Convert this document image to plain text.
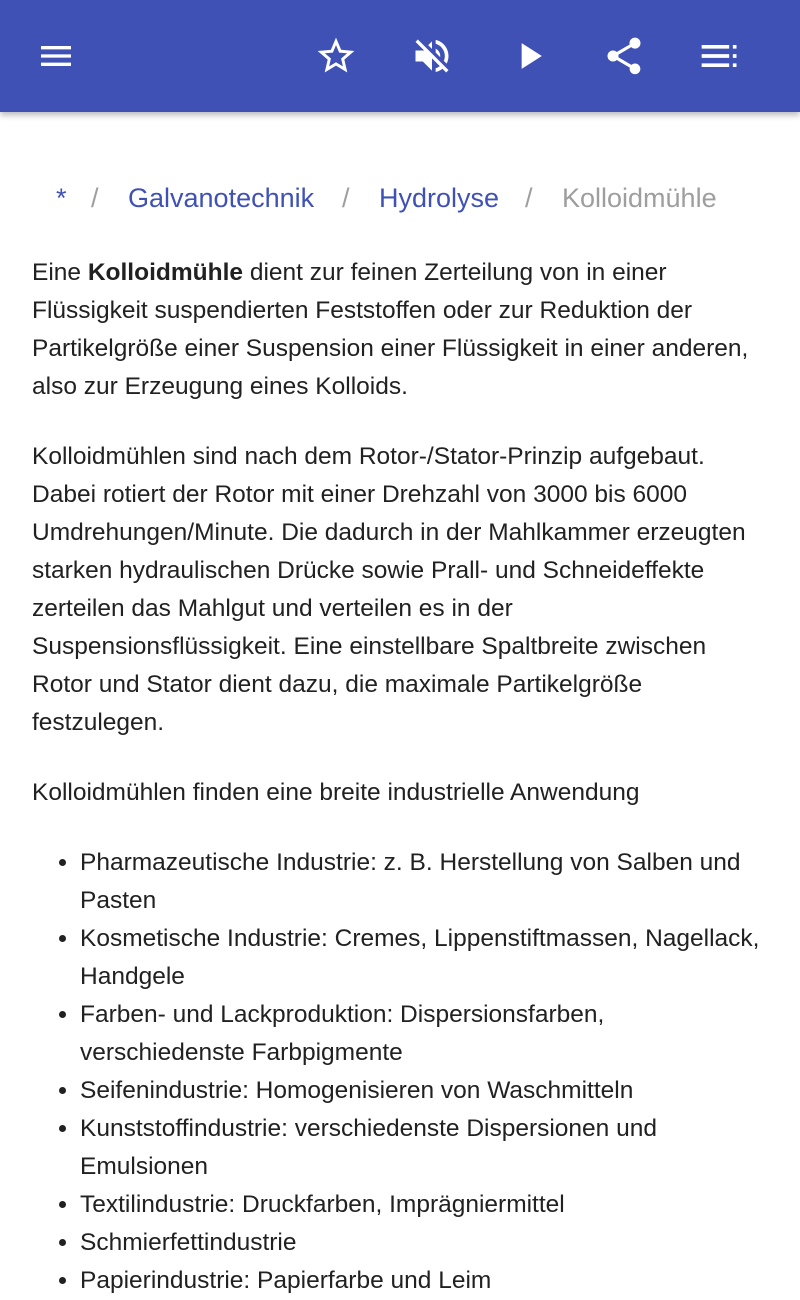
* / Galvanotechnik / Hydrolyse / Kolloidmühle

Eine Kolloidmühle dient zur feinen Zerteilung von in einer Flüssigkeit suspendierten Feststoffen oder zur Reduktion der Partikelgröße einer Suspension einer Flüssigkeit in einer anderen, also zur Erzeugung eines Kolloids.

Kolloidmühlen sind nach dem Rotor-/Stator-Prinzip aufgebaut. Dabei rotiert der Rotor mit einer Drehzahl von 3000 bis 6000 Umdrehungen/Minute. Die dadurch in der Mahlkammer erzeugten starken hydraulischen Drücke sowie Prall- und Schneideffekte zerteilen das Mahlgut und verteilen es in der Suspensionsflüssigkeit. Eine einstellbare Spaltbreite zwischen Rotor und Stator dient dazu, die maximale Partikelgröße festzulegen.

Kolloidmühlen finden eine breite industrielle Anwendung

• Pharmazeutische Industrie: z. B. Herstellung von Salben und Pasten
• Kosmetische Industrie: Cremes, Lippenstiftmassen, Nagellack, Handgele
• Farben- und Lackproduktion: Dispersionsfarben, verschiedenste Farbpigmente
• Seifenindustrie: Homogenisieren von Waschmitteln
• Kunststoffindustrie: verschiedenste Dispersionen und Emulsionen
• Textilindustrie: Druckfarben, Imprägniermittel
• Schmierfettindustrie
• Papierindustrie: Papierfarbe und Leim
